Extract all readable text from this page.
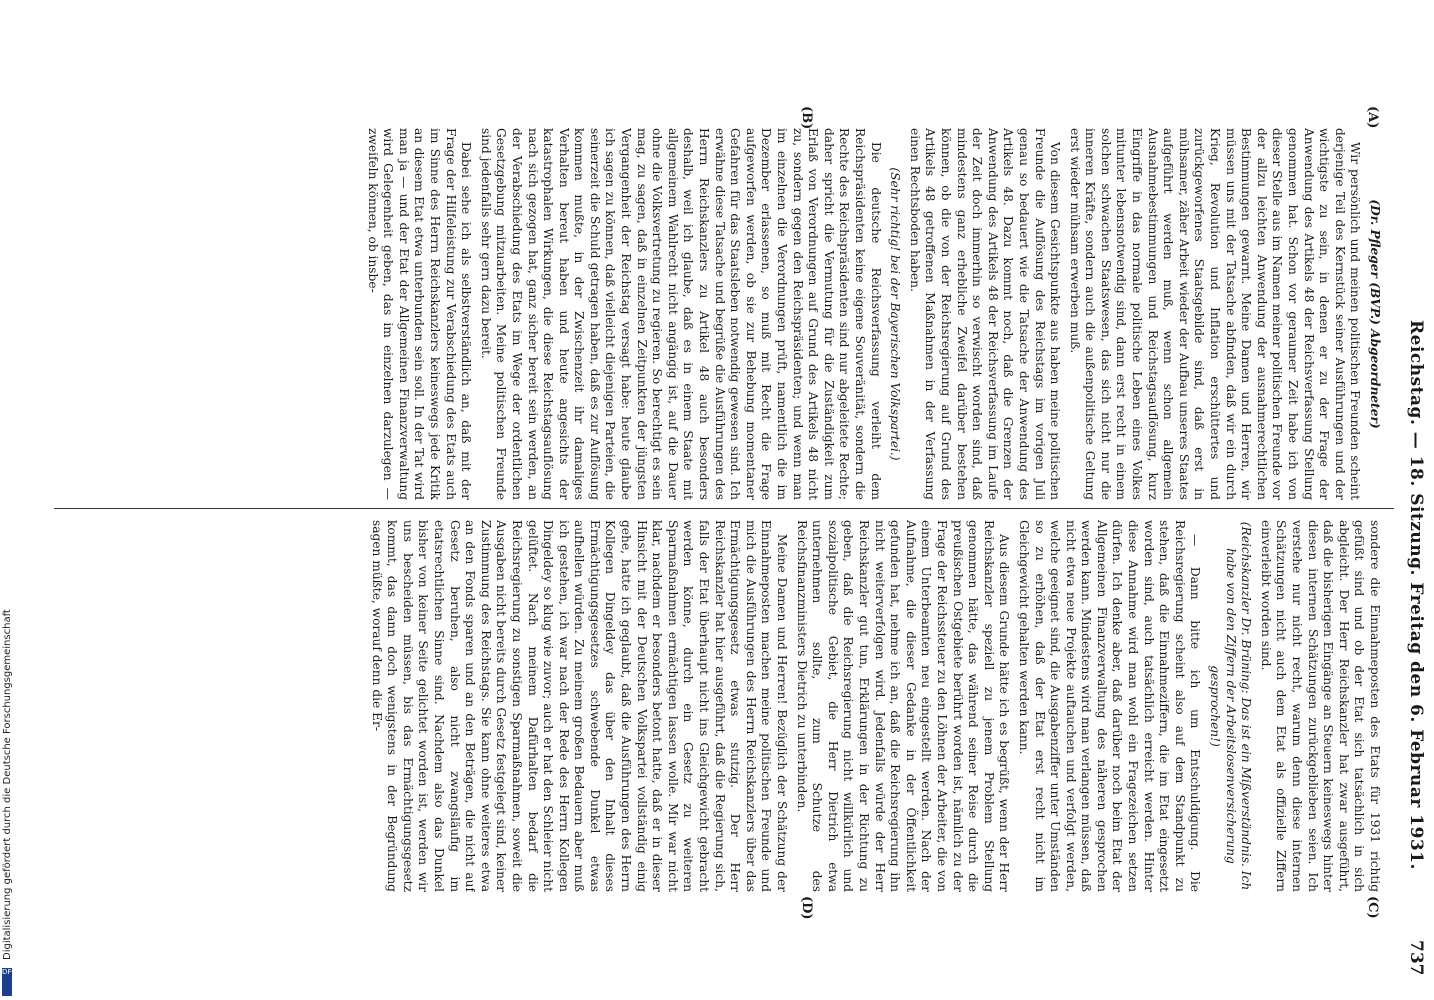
Digitalisierung gefördert durch die Deutsche Forschungsgemeinschaft
DFG
Reichstag. — 18. Sitzung. Freitag den 6. Februar 1931.
737
(A)
(B)
(C)
(D)

(Dr. Pfleger (BVP.) Abgeordneter)

Wir persönlich und meinen politischen Freunden scheint derjenige Teil des Kernstück seiner Ausführungen und der wichtigste zu sein, in denen er zu der Frage der Anwendung des Artikels 48 der Reichsverfassung Stellung genommen hat. Schon vor geraumer Zeit habe ich von dieser Stelle aus im Namen meiner politischen Freunde vor der allzu leichten Anwendung der ausnahmerechtlichen Bestimmungen gewarnt. Meine Damen und Herren, wir müssen uns mit der Tatsache abfinden, daß wir ein durch Krieg, Revolution und Inflation erschüttertes und zurückgeworfenes Staatsgebilde sind, daß erst in mühsamer, zäher Arbeit wieder der Aufbau unseres Staates aufgeführt werden muß, wenn schon allgemein Ausnahmebestimmungen und Reichstagsauflösung, kurz Eingriffe in das normale politische Leben eines Volkes mitunter lebensnotwendig sind, dann erst recht in einem solchen schwachen Staatswesen, das sich nicht nur die inneren Kräfte, sondern auch die außenpolitische Geltung erst wieder mühsam erwerben muß.

Von diesem Gesichtspunkte aus haben meine politischen Freunde die Auflösung des Reichstags im vorigen Juli genau so bedauert wie die Tatsache der Anwendung des Artikels 48. Dazu kommt noch, daß die Grenzen der Anwendung des Artikels 48 der Reichsverfassung im Laufe der Zeit doch immerhin so verwischt worden sind, daß mindestens ganz erhebliche Zweifel darüber bestehen können, ob die von der Reichsregierung auf Grund des Artikels 48 getroffenen Maßnahmen in der Verfassung einen Rechtsboden haben.

(Sehr richtig! bei der Bayerischen Volkspartei.)

Die deutsche Reichsverfassung verleiht dem Reichspräsidenten keine eigene Souveränität, sondern die Rechte des Reichspräsidenten sind nur abgeleitete Rechte; daher spricht die Vermutung für die Zuständigkeit zum Erlaß von Verordnungen auf Grund des Artikels 48 nicht zu, sondern gegen den Reichspräsidenten; und wenn man im einzelnen die Verordnungen prüft, namentlich die im Dezember erlassenen, so muß mit Recht die Frage aufgeworfen werden, ob sie zur Behebung momentaner Gefahren für das Staatsleben notwendig gewesen sind. Ich erwähne diese Tatsache und begrüße die Ausführungen des Herrn Reichskanzlers zu Artikel 48 auch besonders deshalb, weil ich glaube, daß es in einem Staate mit allgemeinem Wahlrecht nicht angängig ist, auf die Dauer ohne die Volksvertretung zu regieren. So berechtigt es sein mag, zu sagen, daß in einzelnen Zeitpunkten der jüngsten Vergangenheit der Reichstag versagt habe: heute glaube ich sagen zu können, daß vielleicht diejenigen Parteien, die seinerzeit die Schuld getragen haben, daß es zur Auflösung kommen mußte, in der Zwischenzeit ihr damaliges Verhalten bereut haben und heute angesichts der katastrophalen Wirkungen, die diese Reichstagsauflösung nach sich gezogen hat, ganz sicher bereit sein werden, an der Verabschiedung des Etats im Wege der ordentlichen Gesetzgebung mitzuarbeiten. Meine politischen Freunde sind jedenfalls sehr gern dazu bereit.

Dabei sehe ich als selbstverständlich an, daß mit der Frage der Hilfeleistung zur Verabschiedung des Etats auch im Sinne des Herrn Reichskanzlers keineswegs jede Kritik an diesem Etat etwa unterbunden sein soll. In der Tat wird man ja — und der Etat der Allgemeinen Finanzverwaltung wird Gelegenheit geben, das im einzelnen darzulegen — zweifeln können, ob insbe-

sondere die Einnahmeposten des Etats für 1931 richtig gefüßt sind und ob der Etat sich tatsächlich in sich abgleicht. Der Herr Reichskanzler hat zwar ausgeführt, daß die bisherigen Eingänge an Steuern keineswegs hinter diesen internen Schätzungen zurückgeblieben seien. Ich verstehe nur nicht recht, warum denn diese internen Schätzungen nicht auch dem Etat als offizielle Ziffern einverleibt worden sind.

(Reichskanzler Dr. Brüning: Das ist ein Mißverständnis. Ich habe von den Ziffern der Arbeitslosenversicherung gesprochen!)

— Dann bitte ich um Entschuldigung. Die Reichsregierung scheint also auf dem Standpunkt zu stehen, daß die Einnahmeziffern, die im Etat eingesetzt worden sind, auch tatsächlich erreicht werden. Hinter diese Annahme wird man wohl ein Fragezeichen setzen dürfen. Ich denke aber, daß darüber noch beim Etat der Allgemeinen Finanzverwaltung des näheren gesprochen werden kann. Mindestens wird man verlangen müssen, daß nicht etwa neue Projekte auftauchen und verfolgt werden, welche geeignet sind, die Ausgabenziffer unter Umständen so zu erhöhen, daß der Etat erst recht nicht im Gleichgewicht gehalten werden kann.

Aus diesem Grunde hätte ich es begrüßt, wenn der Herr Reichskanzler speziell zu jenem Problem Stellung genommen hätte, das während seiner Reise durch die preußischen Ostgebiete berührt worden ist, nämlich zu der Frage der Reichssteuer zu den Löhnen der Arbeiter, die von einem Unterbeamten neu eingestellt werden. Nach der Aufnahme, die dieser Gedanke in der Öffentlichkeit gefunden hat, nehme ich an, daß die Reichsregierung ihn nicht weiterverfolgen wird. Jedenfalls würde der Herr Reichskanzler gut tun, Erklärungen in der Richtung zu geben, daß die Reichsregierung nicht willkürlich und sozialpolitische Gebiet, die Herr Dietrich etwa unternehmen sollte, zum Schutze des Reichsfinanzministers Dietrich zu unterbinden.

Meine Damen und Herren! Bezüglich der Schätzung der Einnahmeposten machen meine politischen Freunde und mich die Ausführungen des Herrn Reichskanzlers über das Ermächtigungsgesetz etwas stutzig. Der Herr Reichskanzler hat hier ausgeführt, daß die Regierung sich, falls der Etat überhaupt nicht ins Gleichgewicht gebracht werden könne, durch ein Gesetz zu weiteren Sparmaßnahmen ermächtigen lassen wolle. Mir war nicht klar, nachdem er besonders betont hatte, daß er in dieser Hinsicht mit der Deutschen Volkspartei vollständig einig gehe, hatte ich geglaubt, daß die Ausführungen des Herrn Kollegen Dingeldey das über den Inhalt dieses Ermächtigungsgesetzes schwebende Dunkel etwas aufhellen würden. Zu meinem großen Bedauern aber muß ich gestehen, ich war nach der Rede des Herrn Kollegen Dingeldey so klug wie zuvor; auch er hat den Schleier nicht gelüftet. Nach meinem Dafürhalten bedarf die Reichsregierung zu sonstigen Sparmaßnahmen, soweit die Ausgaben nicht bereits durch Gesetz festgelegt sind, keiner Zustimmung des Reichstags. Sie kann ohne weiteres etwa an den Fonds sparen und an den Beträgen, die nicht auf Gesetz beruhen, also nicht zwangsläufig im etatsrechtlichen Sinne sind. Nachdem also das Dunkel bisher von keiner Seite gelichtet worden ist, werden wir uns bescheiden müssen, bis das Ermächtigungsgesetz kommt, das dann doch wenigstens in der Begründung sagen müßte, worauf denn die Er-
